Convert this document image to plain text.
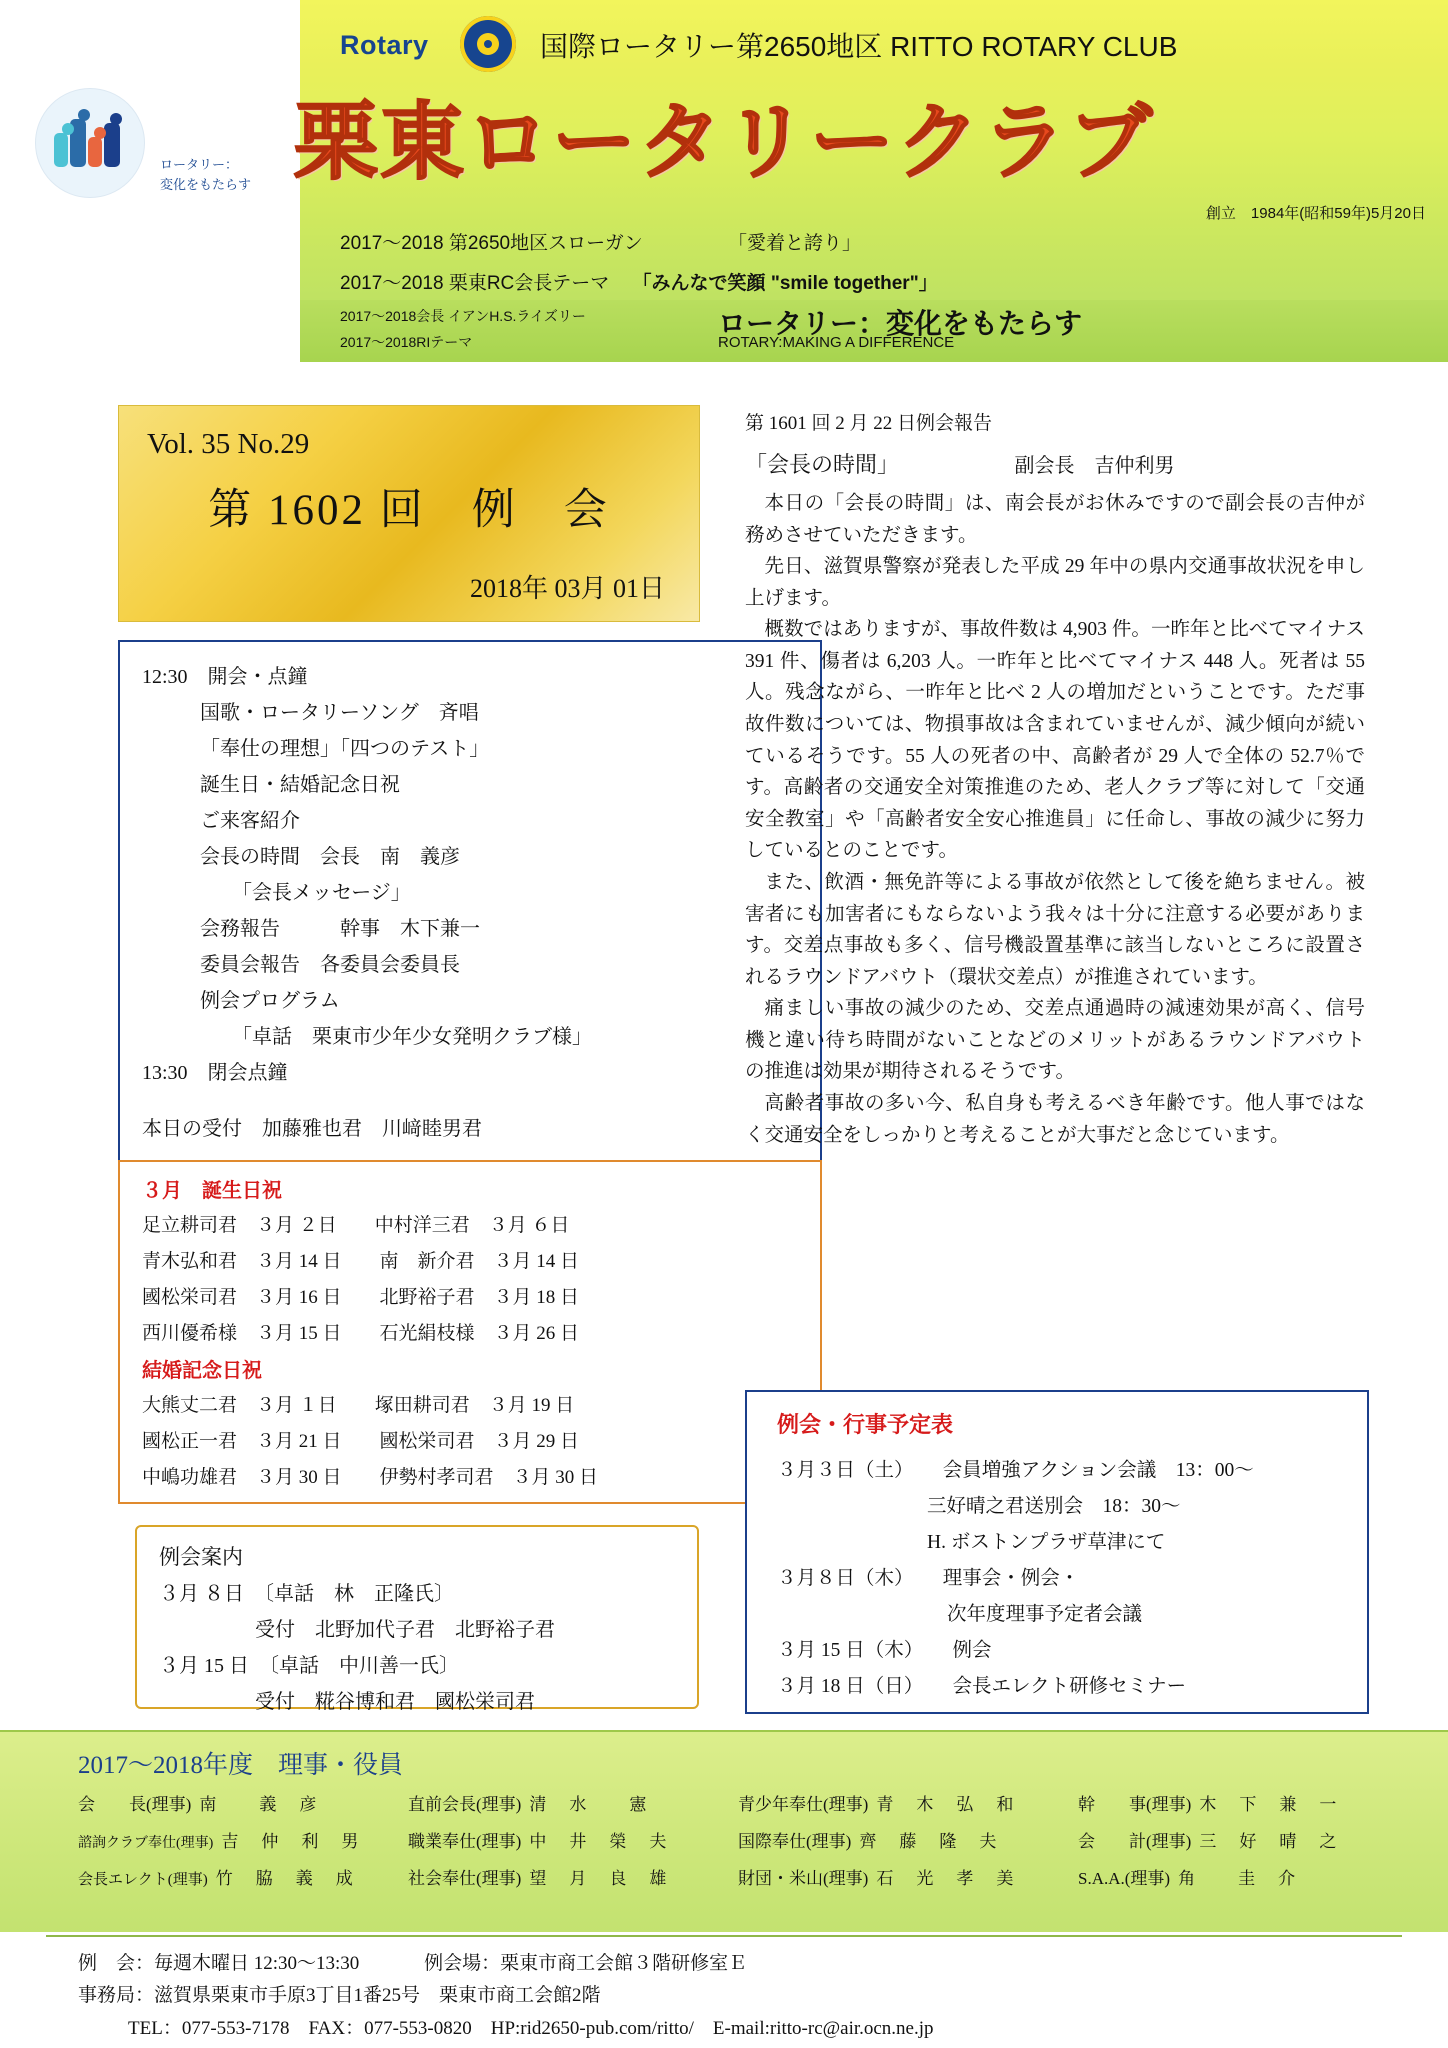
Rotary	国際ロータリー第2650地区 RITTO ROTARY CLUB
栗東ロータリークラブ
創立　1984年(昭和59年)5月20日
2017〜2018 第2650地区スローガン	「愛着と誇り」
2017〜2018 栗東RC会長テーマ 「みんなで笑顔 "smile together"」
2017〜2018会長 イアンH.S.ライズリー
2017〜2018RIテーマ
ロータリー：変化をもたらす
ROTARY:MAKING A DIFFERENCE
ロータリー：
変化をもたらす
Vol. 35 No.29
第 1602 回　例　会
2018年 03月 01日
12:30　開会・点鐘
国歌・ロータリーソング　斉唱
「奉仕の理想」「四つのテスト」
誕生日・結婚記念日祝
ご来客紹介
会長の時間　会長　南　義彦
「会長メッセージ」
会務報告　　　幹事　木下兼一
委員会報告　各委員会委員長
例会プログラム
「卓話　栗東市少年少女発明クラブ様」
13:30　閉会点鐘
本日の受付　加藤雅也君　川﨑睦男君
３月　誕生日祝
足立耕司君　３月 ２日　　中村洋三君　３月 ６日
青木弘和君　３月 14 日　　南　新介君　３月 14 日
國松栄司君　３月 16 日　　北野裕子君　３月 18 日
西川優希様　３月 15 日　　石光絹枝様　３月 26 日
結婚記念日祝
大熊丈二君　３月 １日　　塚田耕司君　３月 19 日
國松正一君　３月 21 日　　國松栄司君　３月 29 日
中嶋功雄君　３月 30 日　　伊勢村孝司君　３月 30 日
例会案内
３月 ８日　〔卓話　林　正隆氏〕
受付　北野加代子君　北野裕子君
３月 15 日　〔卓話　中川善一氏〕
受付　糀谷博和君　國松栄司君
第 1601 回 2 月 22 日例会報告
「会長の時間」	副会長　吉仲利男

本日の「会長の時間」は、南会長がお休みですので副会長の吉仲が務めさせていただきます。

先日、滋賀県警察が発表した平成 29 年中の県内交通事故状況を申し上げます。

概数ではありますが、事故件数は 4,903 件。一昨年と比べてマイナス 391 件、傷者は 6,203 人。一昨年と比べてマイナス 448 人。死者は 55 人。残念ながら、一昨年と比べ 2 人の増加だということです。ただ事故件数については、物損事故は含まれていませんが、減少傾向が続いているそうです。55 人の死者の中、高齢者が 29 人で全体の 52.7％です。高齢者の交通安全対策推進のため、老人クラブ等に対して「交通安全教室」や「高齢者安全安心推進員」に任命し、事故の減少に努力しているとのことです。

また、飲酒・無免許等による事故が依然として後を絶ちません。被害者にも加害者にもならないよう我々は十分に注意する必要があります。交差点事故も多く、信号機設置基準に該当しないところに設置されるラウンドアバウト（環状交差点）が推進されています。

痛ましい事故の減少のため、交差点通過時の減速効果が高く、信号機と違い待ち時間がないことなどのメリットがあるラウンドアバウトの推進は効果が期待されるそうです。

高齢者事故の多い今、私自身も考えるべき年齢です。他人事ではなく交通安全をしっかりと考えることが大事だと念じています。

例会・行事予定表
３月３日（土）　　会員増強アクション会議　13：00〜
三好晴之君送別会　18：30〜
H. ボストンプラザ草津にて
３月８日（木）　　理事会・例会・
次年度理事予定者会議
３月 15 日（木）　　例会
３月 18 日（日）　　会長エレクト研修セミナー
2017〜2018年度　理事・役員
会　　長(理事) 南　　義　彦	直前会長(理事) 清　水　　憲	青少年奉仕(理事) 青　木　弘　和	幹　　事(理事) 木　下　兼　一
諮詢クラブ奉仕(理事) 吉　仲　利　男	職業奉仕(理事) 中　井　榮　夫	国際奉仕(理事) 齊　藤　隆　夫	会　　計(理事) 三　好　晴　之
会長エレクト(理事) 竹　脇　義　成	社会奉仕(理事) 望　月　良　雄	財団・米山(理事) 石　光　孝　美	S.A.A.(理事) 角　　圭　介
例　会：毎週木曜日 12:30〜13:30	例会場：栗東市商工会館３階研修室Ｅ
事務局：滋賀県栗東市手原3丁目1番25号　栗東市商工会館2階
TEL：077-553-7178　FAX：077-553-0820　HP:rid2650-pub.com/ritto/　E-mail:ritto-rc@air.ocn.ne.jp
